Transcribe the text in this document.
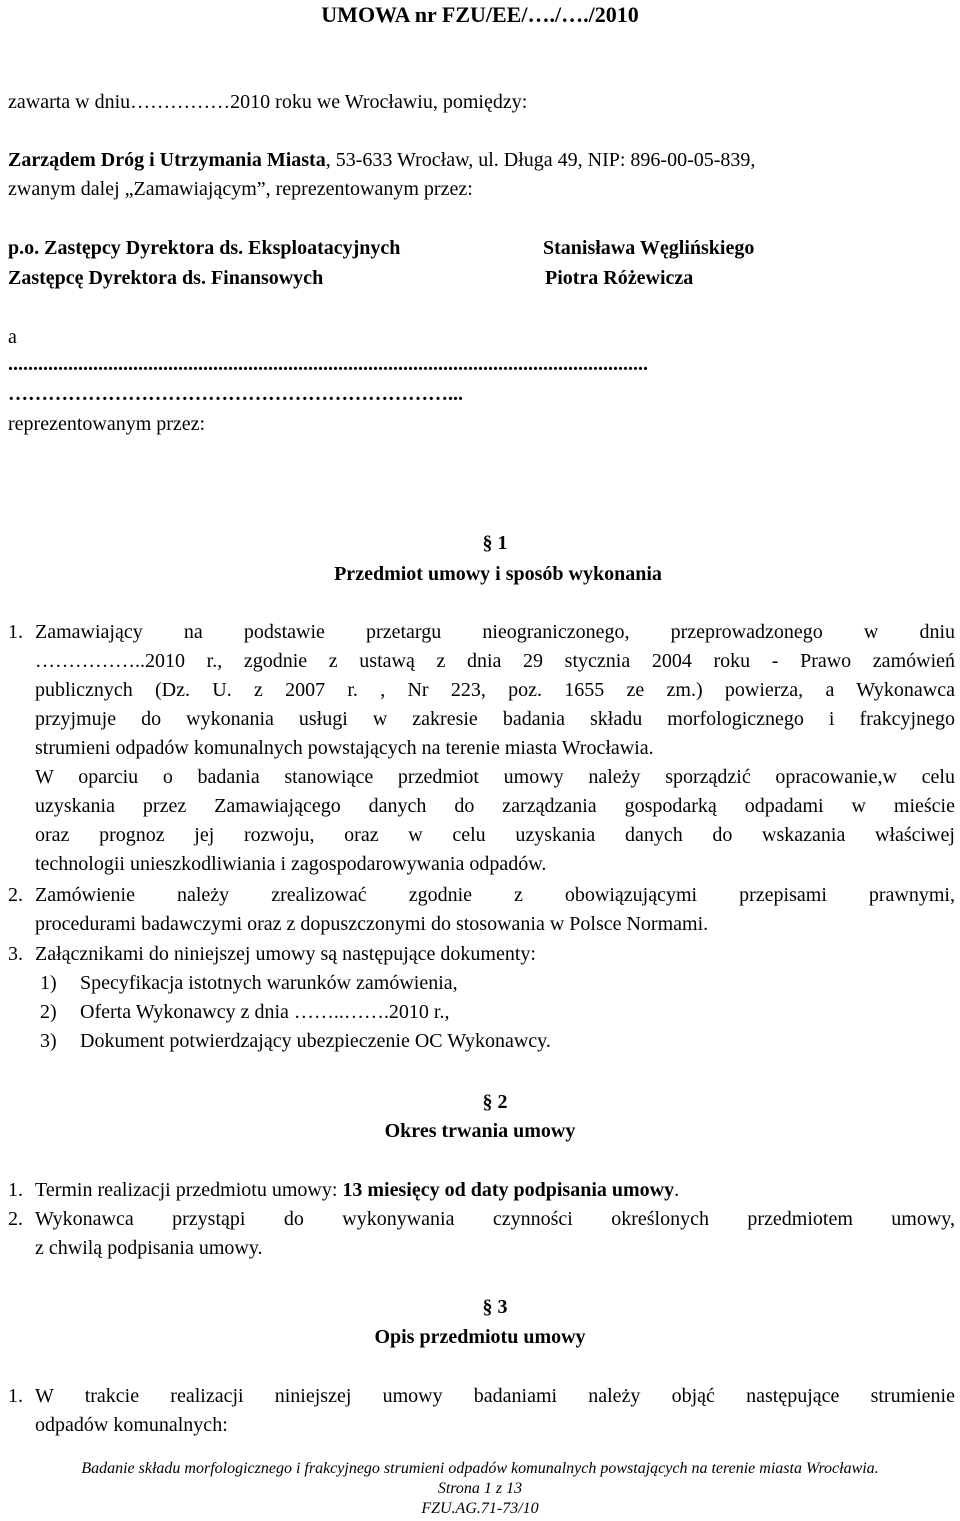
UMOWA nr FZU/EE/…./…./2010
zawarta w dniu……………2010 roku we Wrocławiu, pomiędzy:
Zarządem Dróg i Utrzymania Miasta, 53-633 Wrocław, ul. Długa 49, NIP: 896-00-05-839,
zwanym dalej „Zamawiającym”, reprezentowanym przez:
p.o. Zastępcy Dyrektora ds. Eksploatacyjnych	Stanisława Węglińskiego
Zastępcę Dyrektora ds. Finansowych	Piotra Różewicza
a
................................................................................................................................
…………………………………………………………...
reprezentowanym przez:
§ 1
Przedmiot umowy i sposób wykonania
1. Zamawiający na podstawie przetargu nieograniczonego, przeprowadzonego w dniu
……………..2010 r., zgodnie z ustawą z dnia 29 stycznia 2004 roku - Prawo zamówień
publicznych (Dz. U. z 2007 r. , Nr 223, poz. 1655 ze zm.) powierza, a Wykonawca
przyjmuje do wykonania usługi w zakresie badania składu morfologicznego i frakcyjnego
strumieni odpadów komunalnych powstających na terenie miasta Wrocławia.
W oparciu o badania stanowiące przedmiot umowy należy sporządzić opracowanie,w celu
uzyskania przez Zamawiającego danych do zarządzania gospodarką odpadami w mieście
oraz prognoz jej rozwoju, oraz w celu uzyskania danych do wskazania właściwej
technologii unieszkodliwiania i zagospodarowywania odpadów.
2. Zamówienie należy zrealizować zgodnie z obowiązującymi przepisami prawnymi,
procedurami badawczymi oraz z dopuszczonymi do stosowania w Polsce Normami.
3. Załącznikami do niniejszej umowy są następujące dokumenty:
1) Specyfikacja istotnych warunków zamówienia,
2) Oferta Wykonawcy z dnia ……..…….2010 r.,
3) Dokument potwierdzający ubezpieczenie OC Wykonawcy.
§ 2
Okres trwania umowy
1. Termin realizacji przedmiotu umowy: 13 miesięcy od daty podpisania umowy.
2. Wykonawca przystąpi do wykonywania czynności określonych przedmiotem umowy,
z chwilą podpisania umowy.
§ 3
Opis przedmiotu umowy
1. W trakcie realizacji niniejszej umowy badaniami należy objąć następujące strumienie
odpadów komunalnych:
Badanie składu morfologicznego i frakcyjnego strumieni odpadów komunalnych powstających na terenie miasta Wrocławia.
Strona 1 z 13
FZU.AG.71-73/10
